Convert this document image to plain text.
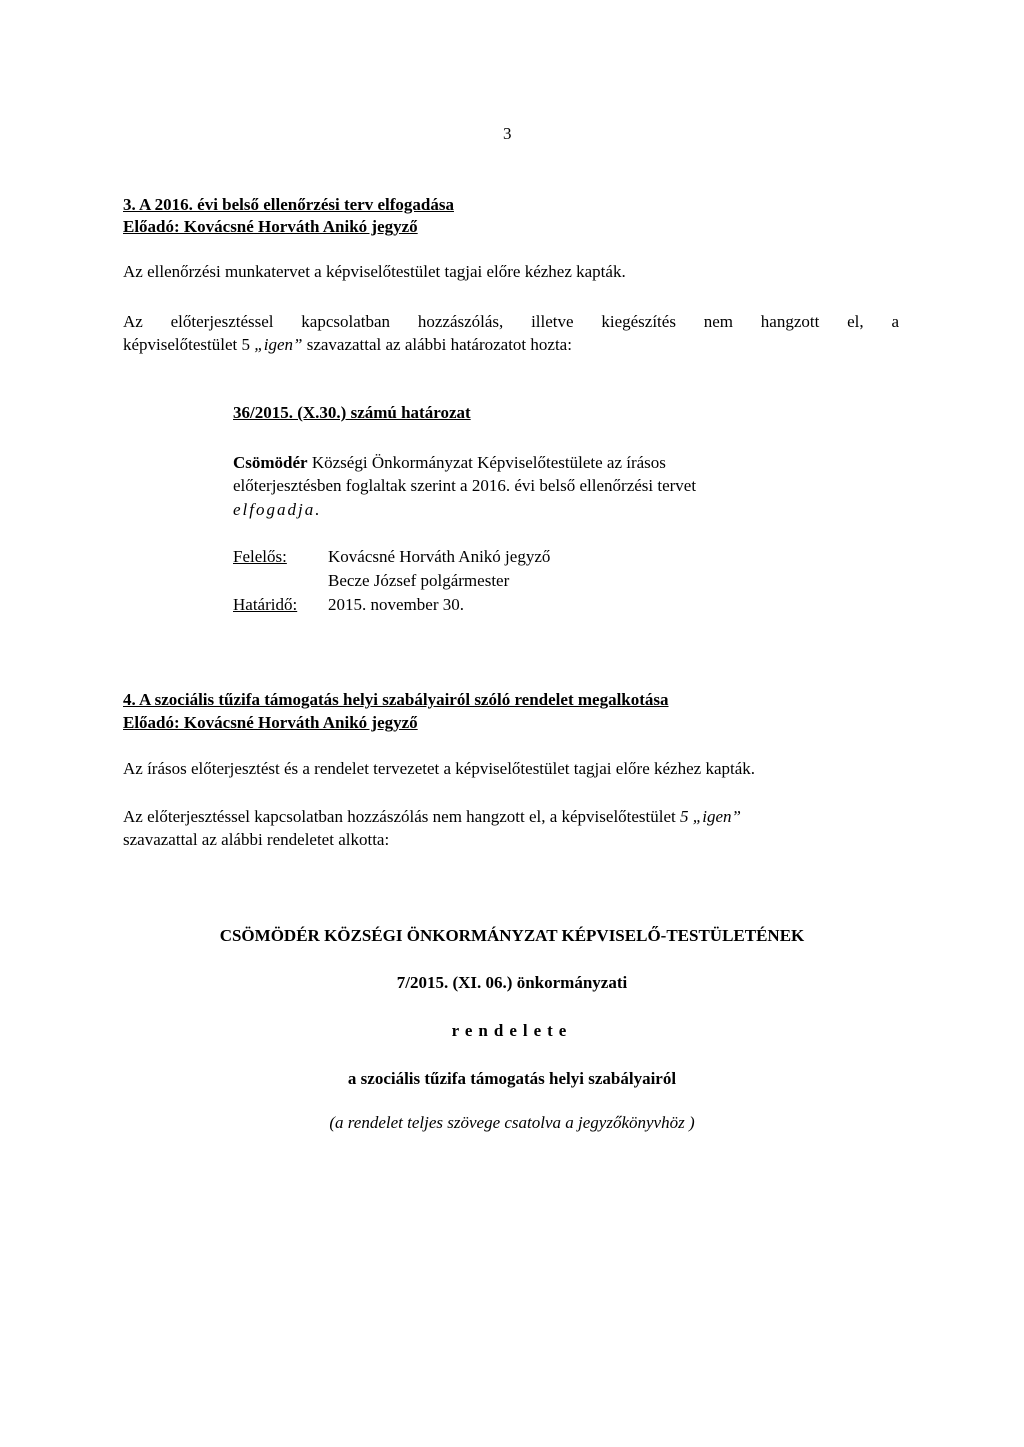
3
3. A 2016. évi belső ellenőrzési terv elfogadása
Előadó: Kovácsné Horváth Anikó jegyző
Az ellenőrzési munkatervet a képviselőtestület tagjai előre kézhez kapták.
Az előterjesztéssel kapcsolatban hozzászólás, illetve kiegészítés nem hangzott el, a
képviselőtestület 5 „igen” szavazattal az alábbi határozatot hozta:
36/2015. (X.30.) számú határozat
Csömödér Községi Önkormányzat Képviselőtestülete az írásos
előterjesztésben foglaltak szerint a 2016. évi belső ellenőrzési tervet
elfogadja.
Felelős: Kovácsné Horváth Anikó jegyző
Becze József polgármester
Határidő: 2015. november 30.
4. A szociális tűzifa támogatás helyi szabályairól szóló rendelet megalkotása
Előadó: Kovácsné Horváth Anikó jegyző
Az írásos előterjesztést és a rendelet tervezetet a képviselőtestület tagjai előre kézhez kapták.
Az előterjesztéssel kapcsolatban hozzászólás nem hangzott el, a képviselőtestület 5 „igen”
szavazattal az alábbi rendeletet alkotta:
CSÖMÖDÉR KÖZSÉGI ÖNKORMÁNYZAT KÉPVISELŐ-TESTÜLETÉNEK
7/2015. (XI. 06.) önkormányzati
rendelete
a szociális tűzifa támogatás helyi szabályairól
(a rendelet teljes szövege csatolva a jegyzőkönyvhöz )
